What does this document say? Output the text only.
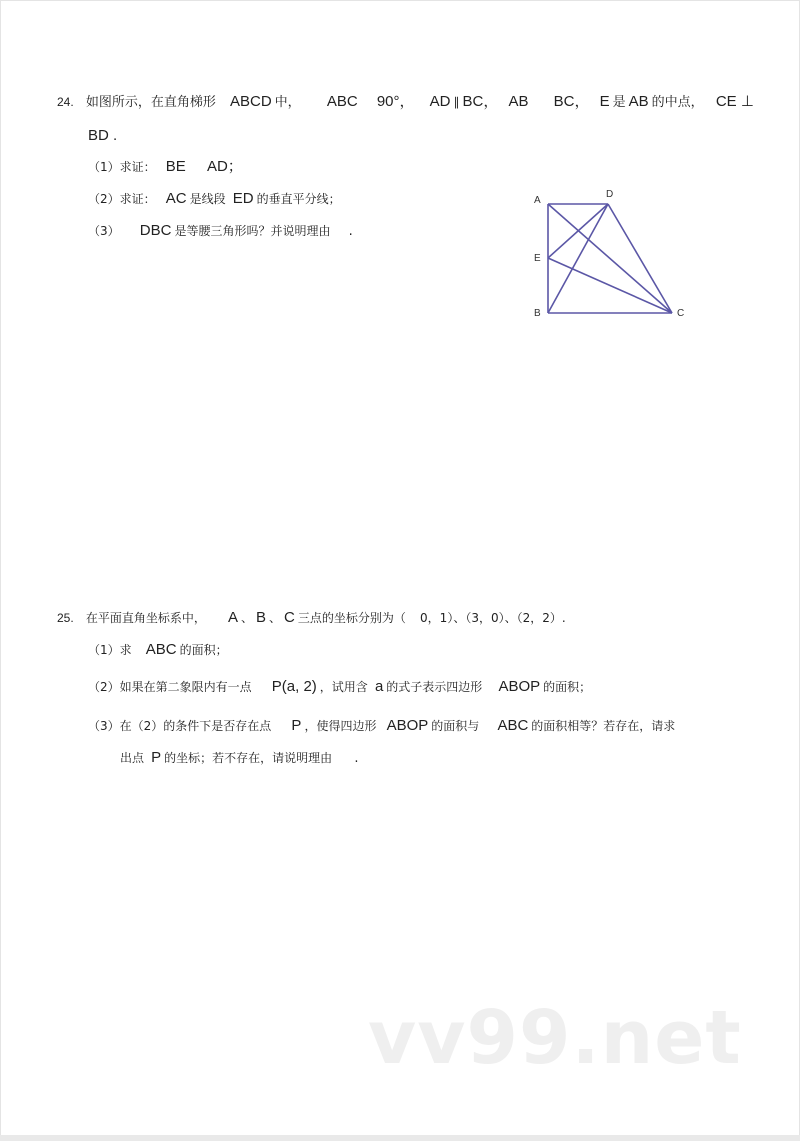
24. 如图所示，在直角梯形 ABCD 中， ABC 90°， AD ∥ BC， AB BC， E 是 AB 的中点， CE ⊥
BD .
（1）求证： BE AD；
（2）求证： AC 是线段 ED 的垂直平分线；
（3） DBC 是等腰三角形吗？并说明理由 .
A
D
E
B	C
25. 在平面直角坐标系中， A 、 B 、 C 三点的坐标分别为（ 0，1）、（3，0）、（2，2）.
（1）求 ABC 的面积；
（2）如果在第二象限内有一点 P(a, 2) ，试用含 a 的式子表示四边形 ABOP 的面积；
（3）在（2）的条件下是否存在点 P ，使得四边形 ABOP 的面积与 ABC 的面积相等？若存在，请求
出点 P 的坐标；若不存在，请说明理由 .
vv99.net
